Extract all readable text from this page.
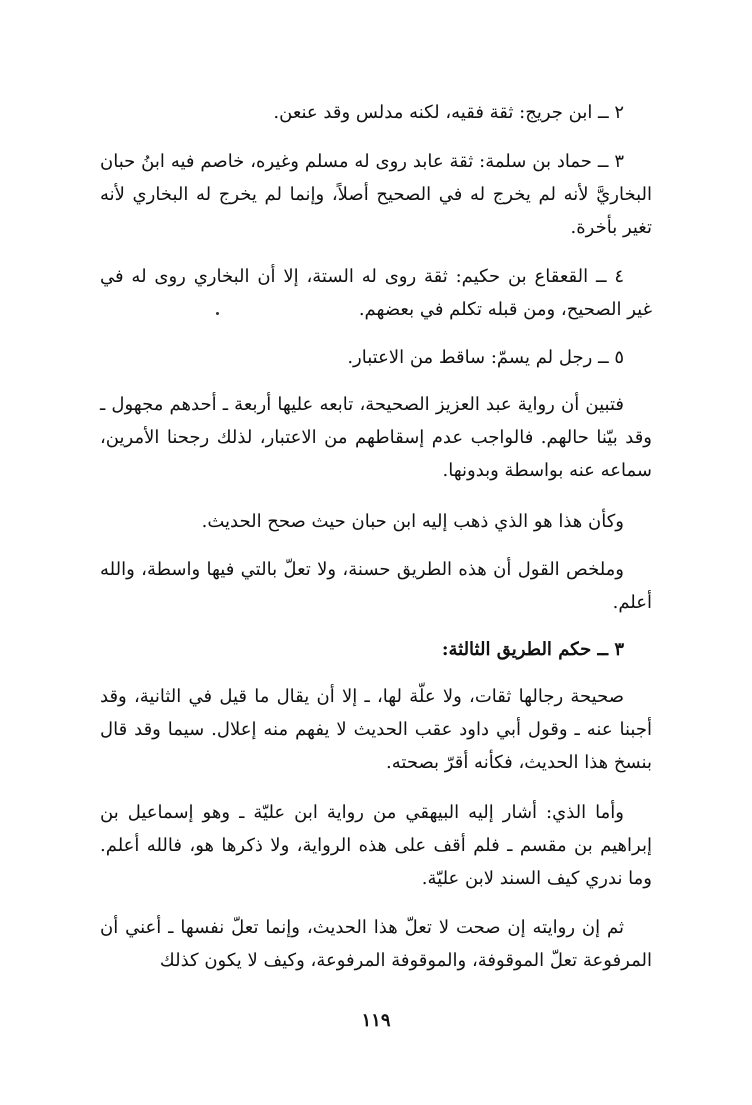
٢ ــ ابن جريج: ثقة فقيه، لكنه مدلس وقد عنعن.

٣ ــ حماد بن سلمة: ثقة عابد روى له مسلم وغيره، خاصم فيه ابنُ حبان البخاريَّ لأنه لم يخرج له في الصحيح أصلاً، وإنما لم يخرج له البخاري لأنه تغير بأخرة.

٤ ــ القعقاع بن حكيم: ثقة روى له الستة، إلا أن البخاري روى له في غير الصحيح، ومن قبله تكلم في بعضهم.

٥ ــ رجل لم يسمّ: ساقط من الاعتبار.

فتبين أن رواية عبد العزيز الصحيحة، تابعه عليها أربعة ـ أحدهم مجهول ـ وقد بيّنا حالهم. فالواجب عدم إسقاطهم من الاعتبار، لذلك رجحنا الأمرين، سماعه عنه بواسطة وبدونها.

وكأن هذا هو الذي ذهب إليه ابن حبان حيث صحح الحديث.

وملخص القول أن هذه الطريق حسنة، ولا تعلّ بالتي فيها واسطة، والله أعلم.

٣ ــ حكم الطريق الثالثة:

صحيحة رجالها ثقات، ولا علّة لها، ـ إلا أن يقال ما قيل في الثانية، وقد أجبنا عنه ـ وقول أبي داود عقب الحديث لا يفهم منه إعلال. سيما وقد قال بنسخ هذا الحديث، فكأنه أقرّ بصحته.

وأما الذي: أشار إليه البيهقي من رواية ابن عليّة ـ وهو إسماعيل بن إبراهيم بن مقسم ـ فلم أقف على هذه الرواية، ولا ذكرها هو، فالله أعلم. وما ندري كيف السند لابن عليّة.

ثم إن روايته إن صحت لا تعلّ هذا الحديث، وإنما تعلّ نفسها ـ أعني أن المرفوعة تعلّ الموقوفة، والموقوفة المرفوعة، وكيف لا يكون كذلك

١١٩
